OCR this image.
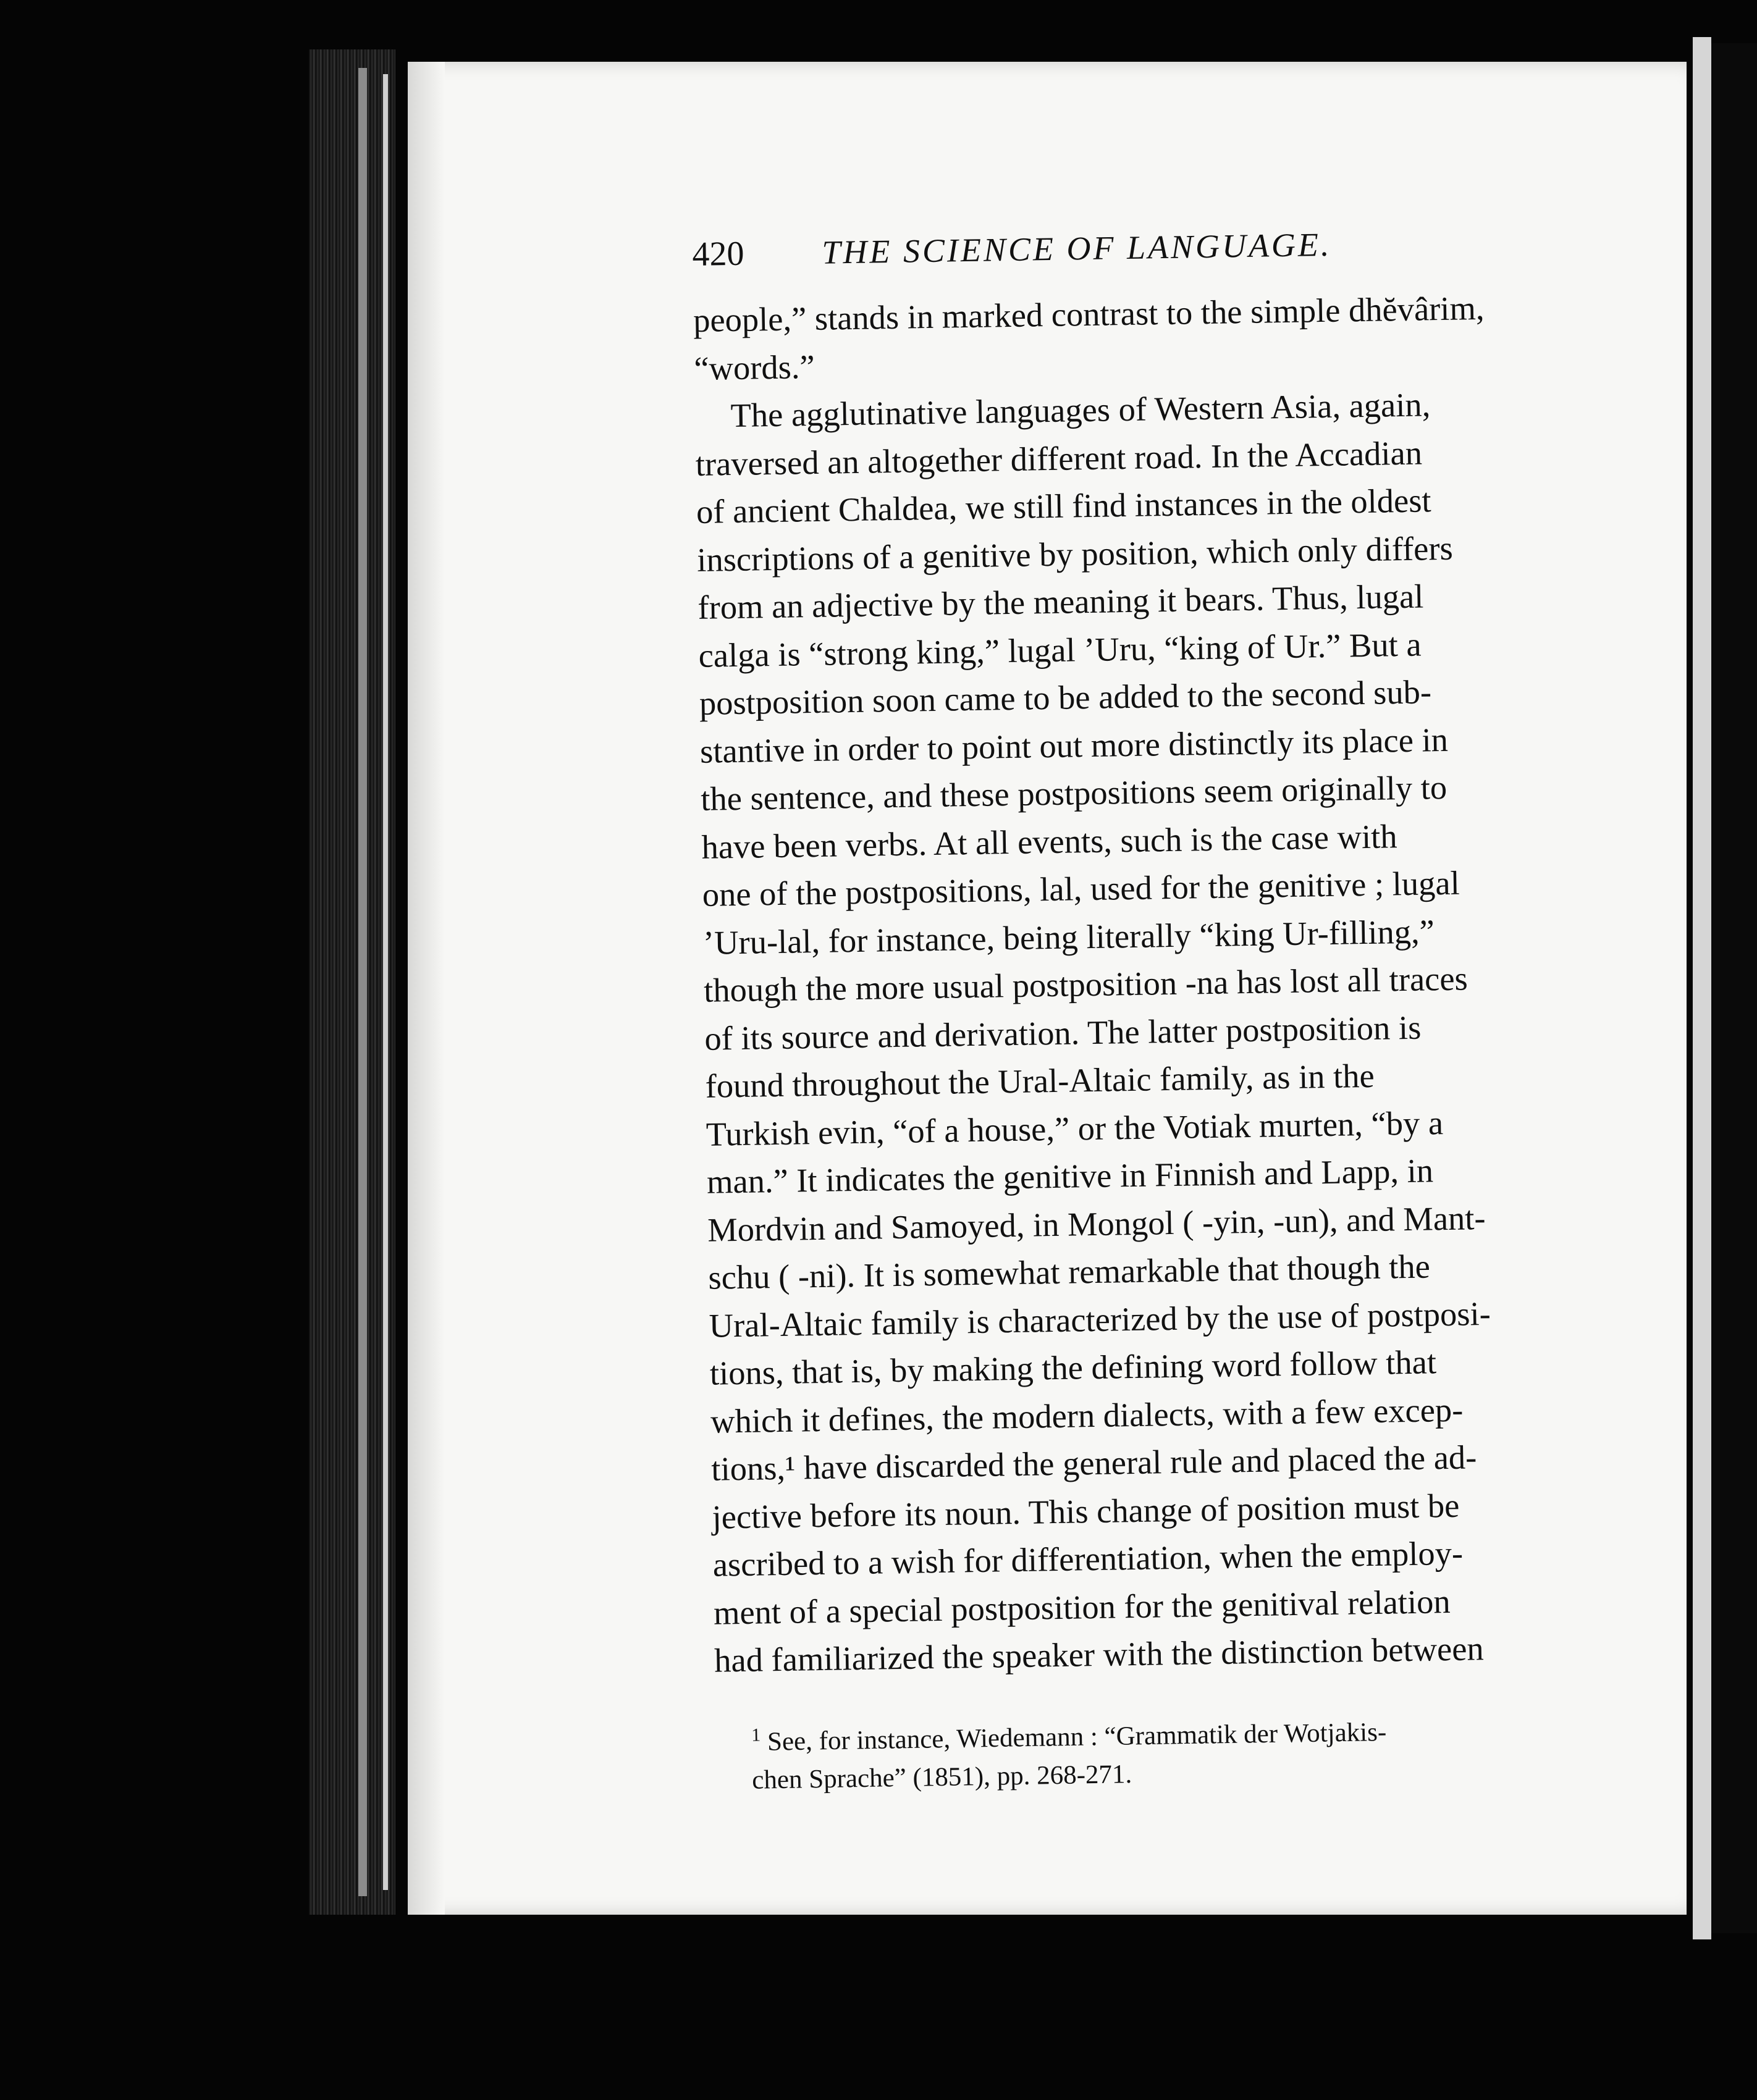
420	THE SCIENCE OF LANGUAGE.
people,” stands in marked contrast to the simple dhĕvârim,
“words.”
The agglutinative languages of Western Asia, again,
traversed an altogether different road. In the Accadian
of ancient Chaldea, we still find instances in the oldest
inscriptions of a genitive by position, which only differs
from an adjective by the meaning it bears. Thus, lugal
calga is “strong king,” lugal ’Uru, “king of Ur.” But a
postposition soon came to be added to the second sub-
stantive in order to point out more distinctly its place in
the sentence, and these postpositions seem originally to
have been verbs. At all events, such is the case with
one of the postpositions, lal, used for the genitive ; lugal
’Uru-lal, for instance, being literally “king Ur-filling,”
though the more usual postposition -na has lost all traces
of its source and derivation. The latter postposition is
found throughout the Ural-Altaic family, as in the
Turkish evin, “of a house,” or the Votiak murten, “by a
man.” It indicates the genitive in Finnish and Lapp, in
Mordvin and Samoyed, in Mongol ( -yin, -un), and Mant-
schu ( -ni). It is somewhat remarkable that though the
Ural-Altaic family is characterized by the use of postposi-
tions, that is, by making the defining word follow that
which it defines, the modern dialects, with a few excep-
tions,¹ have discarded the general rule and placed the ad-
jective before its noun. This change of position must be
ascribed to a wish for differentiation, when the employ-
ment of a special postposition for the genitival relation
had familiarized the speaker with the distinction between
$^1$ See, for instance, Wiedemann : “Grammatik der Wotjakis-
chen Sprache” (1851), pp. 268-271.
